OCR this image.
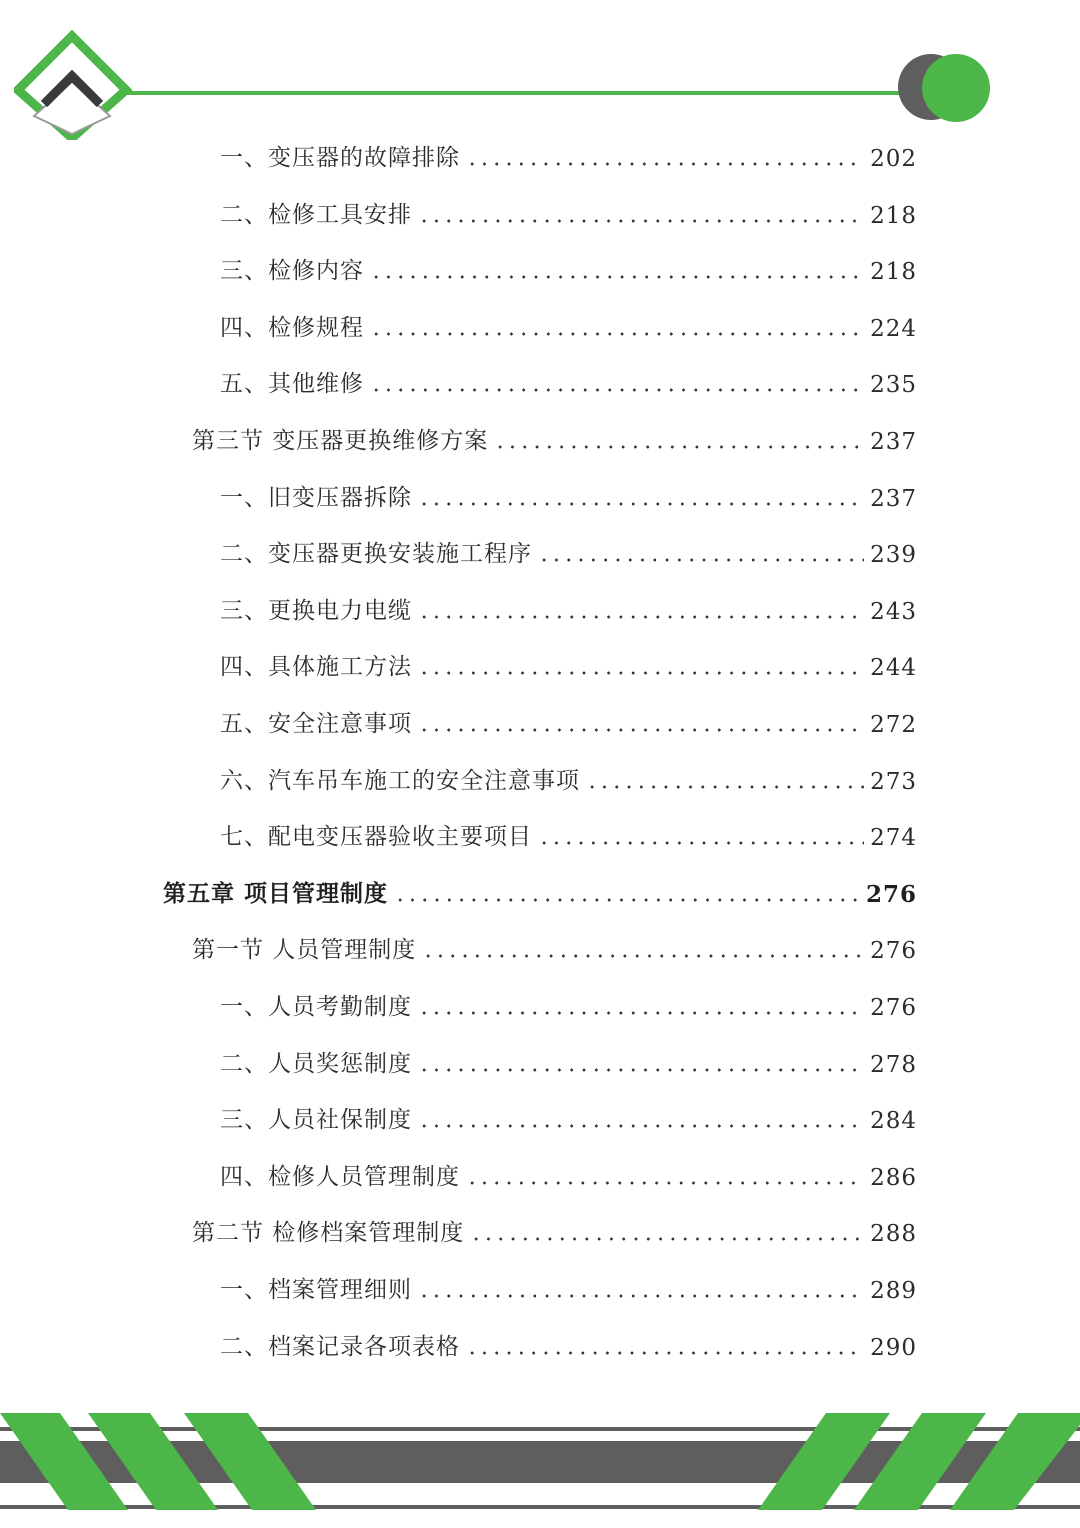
一、变压器的故障排除	202
二、检修工具安排	218
三、检修内容	218
四、检修规程	224
五、其他维修	235
第三节 变压器更换维修方案	237
一、旧变压器拆除	237
二、变压器更换安装施工程序	239
三、更换电力电缆	243
四、具体施工方法	244
五、安全注意事项	272
六、汽车吊车施工的安全注意事项	273
七、配电变压器验收主要项目	274
第五章 项目管理制度	276
第一节 人员管理制度	276
一、人员考勤制度	276
二、人员奖惩制度	278
三、人员社保制度	284
四、检修人员管理制度	286
第二节 检修档案管理制度	288
一、档案管理细则	289
二、档案记录各项表格	290
